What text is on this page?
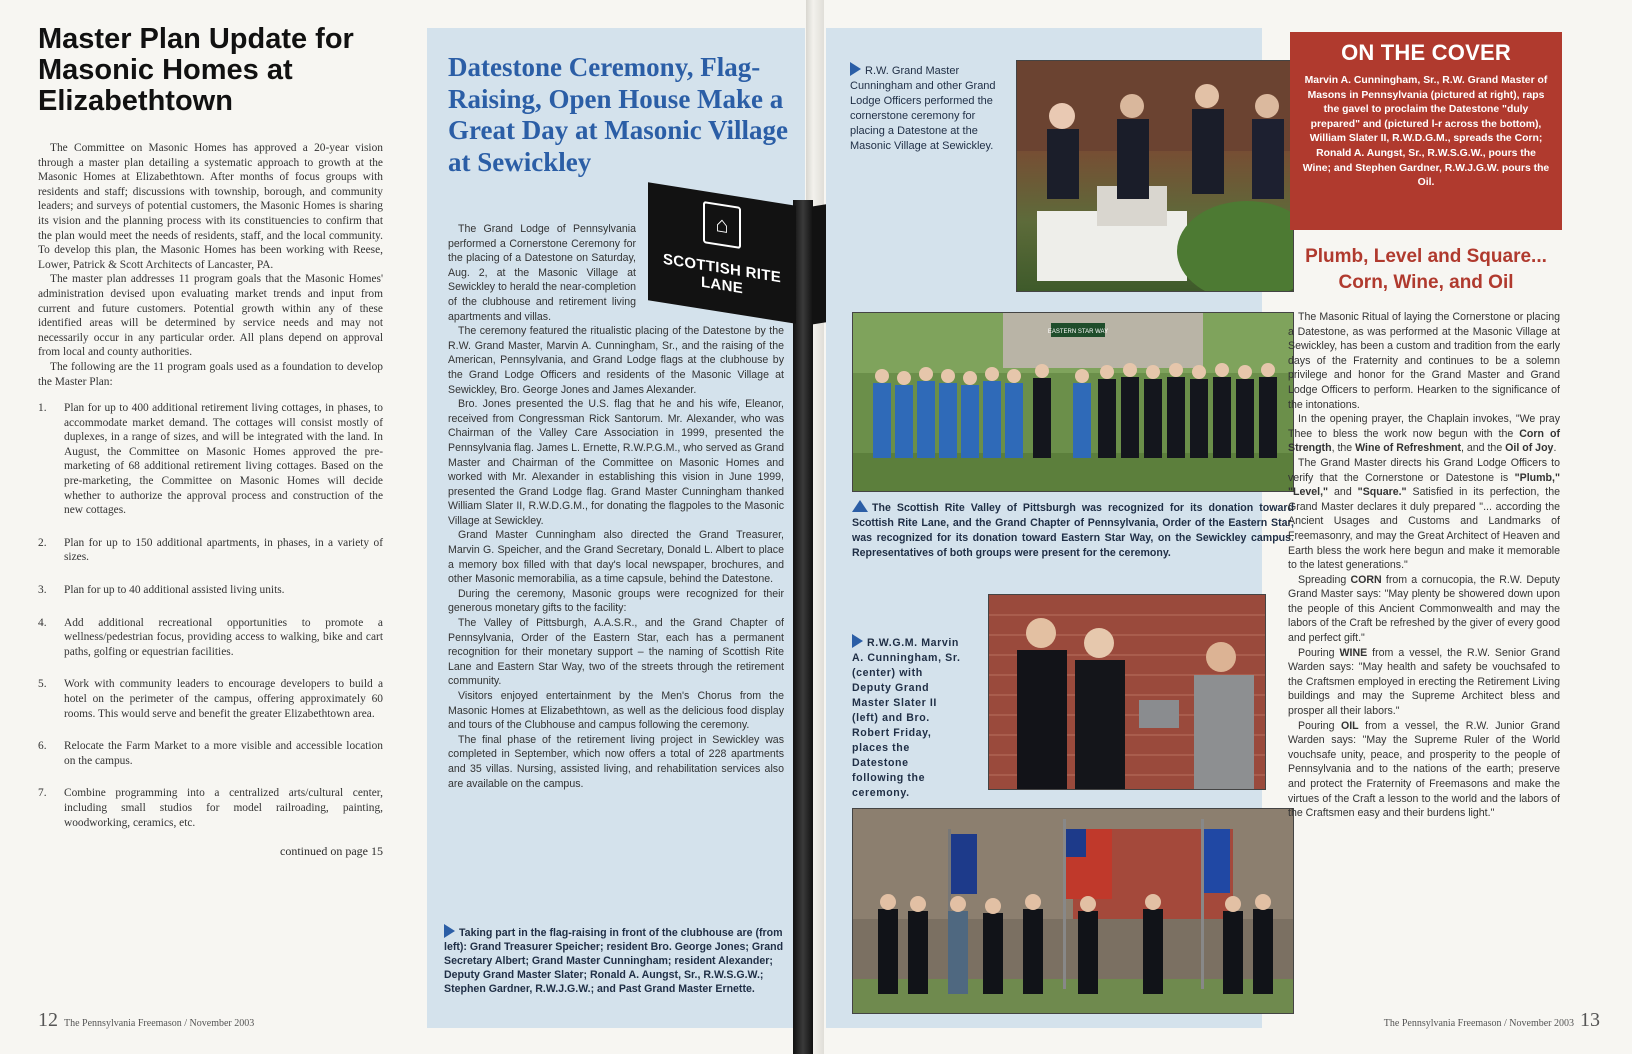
Master Plan Update for Masonic Homes at Elizabethtown

The Committee on Masonic Homes has approved a 20-year vision through a master plan detailing a systematic approach to growth at the Masonic Homes at Elizabethtown. After months of focus groups with residents and staff; discussions with township, borough, and community leaders; and surveys of potential customers, the Masonic Homes is sharing its vision and the planning process with its constituencies to confirm that the plan would meet the needs of residents, staff, and the local community. To develop this plan, the Masonic Homes has been working with Reese, Lower, Patrick & Scott Architects of Lancaster, PA.

The master plan addresses 11 program goals that the Masonic Homes' administration devised upon evaluating market trends and input from current and future customers. Potential growth within any of these identified areas will be determined by service needs and may not necessarily occur in any particular order. All plans depend on approval from local and county authorities.

The following are the 11 program goals used as a foundation to develop the Master Plan:

1.	Plan for up to 400 additional retirement living cottages, in phases, to accommodate market demand. The cottages will consist mostly of duplexes, in a range of sizes, and will be integrated with the land. In August, the Committee on Masonic Homes approved the pre-marketing of 68 additional retirement living cottages. Based on the pre-marketing, the Committee on Masonic Homes will decide whether to authorize the approval process and construction of the new cottages.
2.	Plan for up to 150 additional apartments, in phases, in a variety of sizes.
3.	Plan for up to 40 additional assisted living units.
4.	Add additional recreational opportunities to promote a wellness/pedestrian focus, providing access to walking, bike and cart paths, golfing or equestrian facilities.
5.	Work with community leaders to encourage developers to build a hotel on the perimeter of the campus, offering approximately 60 rooms. This would serve and benefit the greater Elizabethtown area.
6.	Relocate the Farm Market to a more visible and accessible location on the campus.
7.	Combine programming into a centralized arts/cultural center, including small studios for model railroading, painting, woodworking, ceramics, etc.
continued on page 15
12 The Pennsylvania Freemason / November 2003
Datestone Ceremony, Flag-Raising, Open House Make a Great Day at Masonic Village at Sewickley

The Grand Lodge of Pennsylvania performed a Cornerstone Ceremony for the placing of a Datestone on Saturday, Aug. 2, at the Masonic Village at Sewickley to herald the near-completion of the clubhouse and retirement living apartments and villas.

The ceremony featured the ritualistic placing of the Datestone by the R.W. Grand Master, Marvin A. Cunningham, Sr., and the raising of the American, Pennsylvania, and Grand Lodge flags at the clubhouse by the Grand Lodge Officers and residents of the Masonic Village at Sewickley, Bro. George Jones and James Alexander.

Bro. Jones presented the U.S. flag that he and his wife, Eleanor, received from Congressman Rick Santorum. Mr. Alexander, who was Chairman of the Valley Care Association in 1999, presented the Pennsylvania flag. James L. Ernette, R.W.P.G.M., who served as Grand Master and Chairman of the Committee on Masonic Homes and worked with Mr. Alexander in establishing this vision in June 1999, presented the Grand Lodge flag. Grand Master Cunningham thanked William Slater II, R.W.D.G.M., for donating the flagpoles to the Masonic Village at Sewickley.

Grand Master Cunningham also directed the Grand Treasurer, Marvin G. Speicher, and the Grand Secretary, Donald L. Albert to place a memory box filled with that day's local newspaper, brochures, and other Masonic memorabilia, as a time capsule, behind the Datestone.

During the ceremony, Masonic groups were recognized for their generous monetary gifts to the facility:

The Valley of Pittsburgh, A.A.S.R., and the Grand Chapter of Pennsylvania, Order of the Eastern Star, each has a permanent recognition for their monetary support – the naming of Scottish Rite Lane and Eastern Star Way, two of the streets through the retirement community.

Visitors enjoyed entertainment by the Men's Chorus from the Masonic Homes at Elizabethtown, as well as the delicious food display and tours of the Clubhouse and campus following the ceremony.

The final phase of the retirement living project in Sewickley was completed in September, which now offers a total of 228 apartments and 35 villas. Nursing, assisted living, and rehabilitation services also are available on the campus.

Taking part in the flag-raising in front of the clubhouse are (from left): Grand Treasurer Speicher; resident Bro. George Jones; Grand Secretary Albert; Grand Master Cunningham; resident Alexander; Deputy Grand Master Slater; Ronald A. Aungst, Sr., R.W.S.G.W.; Stephen Gardner, R.W.J.G.W.; and Past Grand Master Ernette.
⌂
SCOTTISH RITE LANE
R.W. Grand Master Cunningham and other Grand Lodge Officers performed the cornerstone ceremony for placing a Datestone at the Masonic Village at Sewickley.
EASTERN STAR WAY
The Scottish Rite Valley of Pittsburgh was recognized for its donation toward Scottish Rite Lane, and the Grand Chapter of Pennsylvania, Order of the Eastern Star, was recognized for its donation toward Eastern Star Way, on the Sewickley campus. Representatives of both groups were present for the ceremony.
R.W.G.M. Marvin A. Cunningham, Sr. (center) with Deputy Grand Master Slater II (left) and Bro. Robert Friday, places the Datestone following the ceremony.
ON THE COVER
Marvin A. Cunningham, Sr., R.W. Grand Master of Masons in Pennsylvania (pictured at right), raps the gavel to proclaim the Datestone "duly prepared" and (pictured l-r across the bottom), William Slater II, R.W.D.G.M., spreads the Corn; Ronald A. Aungst, Sr., R.W.S.G.W., pours the Wine; and Stephen Gardner, R.W.J.G.W. pours the Oil.
Plumb, Level and Square... Corn, Wine, and Oil

The Masonic Ritual of laying the Cornerstone or placing a Datestone, as was performed at the Masonic Village at Sewickley, has been a custom and tradition from the early days of the Fraternity and continues to be a solemn privilege and honor for the Grand Master and Grand Lodge Officers to perform. Hearken to the significance of the intonations.

In the opening prayer, the Chaplain invokes, "We pray Thee to bless the work now begun with the Corn of Strength, the Wine of Refreshment, and the Oil of Joy.

The Grand Master directs his Grand Lodge Officers to verify that the Cornerstone or Datestone is "Plumb," "Level," and "Square." Satisfied in its perfection, the Grand Master declares it duly prepared "... according the Ancient Usages and Customs and Landmarks of Freemasonry, and may the Great Architect of Heaven and Earth bless the work here begun and make it memorable to the latest generations."

Spreading CORN from a cornucopia, the R.W. Deputy Grand Master says: "May plenty be showered down upon the people of this Ancient Commonwealth and may the labors of the Craft be refreshed by the giver of every good and perfect gift."

Pouring WINE from a vessel, the R.W. Senior Grand Warden says: "May health and safety be vouchsafed to the Craftsmen employed in erecting the Retirement Living buildings and may the Supreme Architect bless and prosper all their labors."

Pouring OIL from a vessel, the R.W. Junior Grand Warden says: "May the Supreme Ruler of the World vouchsafe unity, peace, and prosperity to the people of Pennsylvania and to the nations of the earth; preserve and protect the Fraternity of Freemasons and make the virtues of the Craft a lesson to the world and the labors of the Craftsmen easy and their burdens light."

The Pennsylvania Freemason / November 2003 13
